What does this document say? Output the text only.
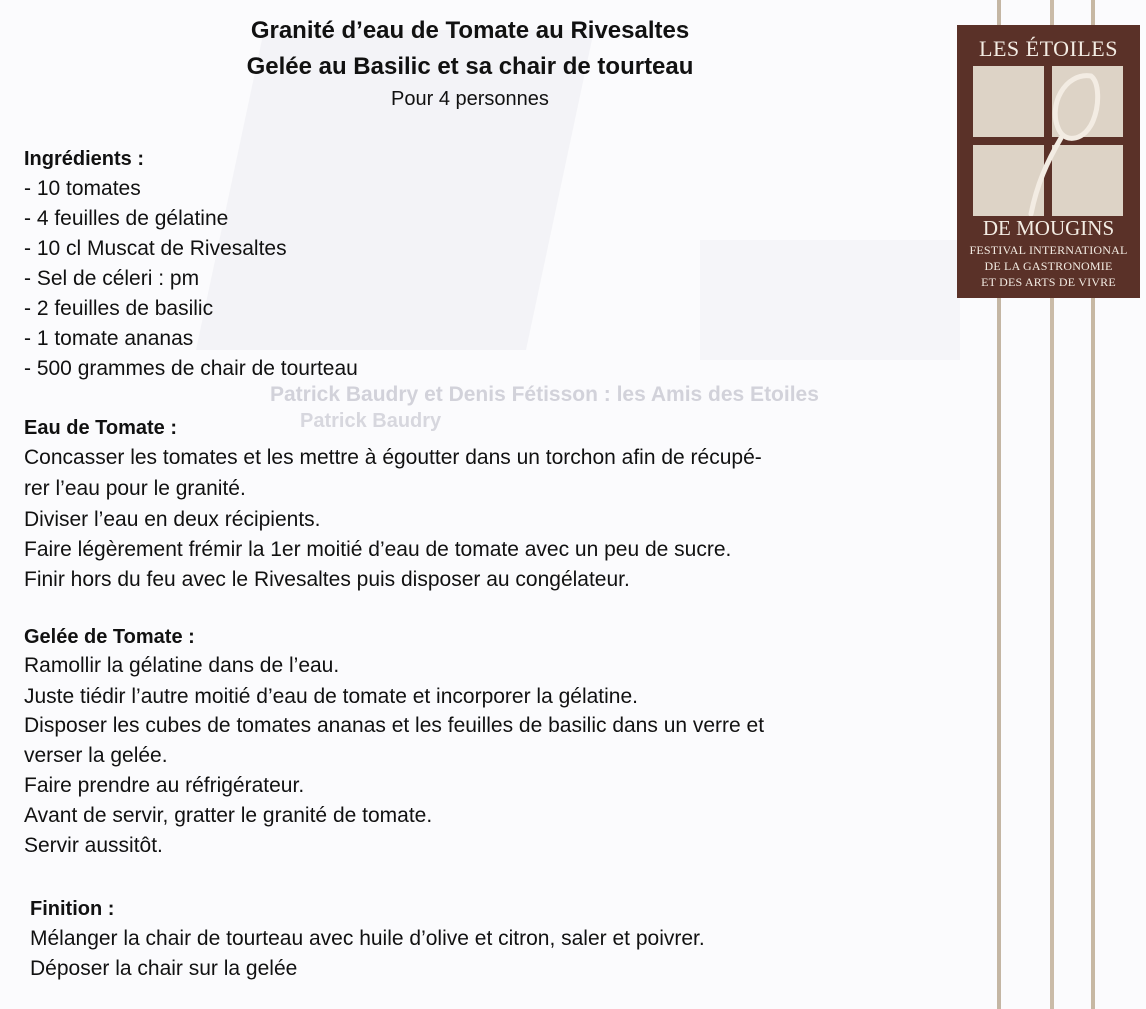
Patrick Baudry et Denis Fétisson : les Amis des Etoiles
Patrick Baudry
Granité d’eau de Tomate au Rivesaltes
Gelée au Basilic et sa chair de tourteau
Pour 4 personnes
LES ÉTOILES
DE MOUGINS
FESTIVAL INTERNATIONAL
DE LA GASTRONOMIE
ET DES ARTS DE VIVRE
Ingrédients :
- 10 tomates
- 4 feuilles de gélatine
- 10 cl Muscat de Rivesaltes
- Sel de céleri : pm
- 2 feuilles de basilic
- 1 tomate ananas
- 500 grammes de chair de tourteau
Eau de Tomate :
Concasser les tomates et les mettre à égoutter dans un torchon afin de récupé-
rer l’eau pour le granité.
Diviser l’eau en deux récipients.
Faire légèrement frémir la 1er moitié d’eau de tomate avec un peu de sucre.
Finir hors du feu avec le Rivesaltes puis disposer au congélateur.
Gelée de Tomate :
Ramollir la gélatine dans de l’eau.
Juste tiédir l’autre moitié d’eau de tomate et incorporer la gélatine.
Disposer les cubes de tomates ananas et les feuilles de basilic dans un verre et
verser la gelée.
Faire prendre au réfrigérateur.
Avant de servir, gratter le granité de tomate.
Servir aussitôt.
Finition :
Mélanger la chair de tourteau avec huile d’olive et citron, saler et poivrer.
Déposer la chair sur la gelée
